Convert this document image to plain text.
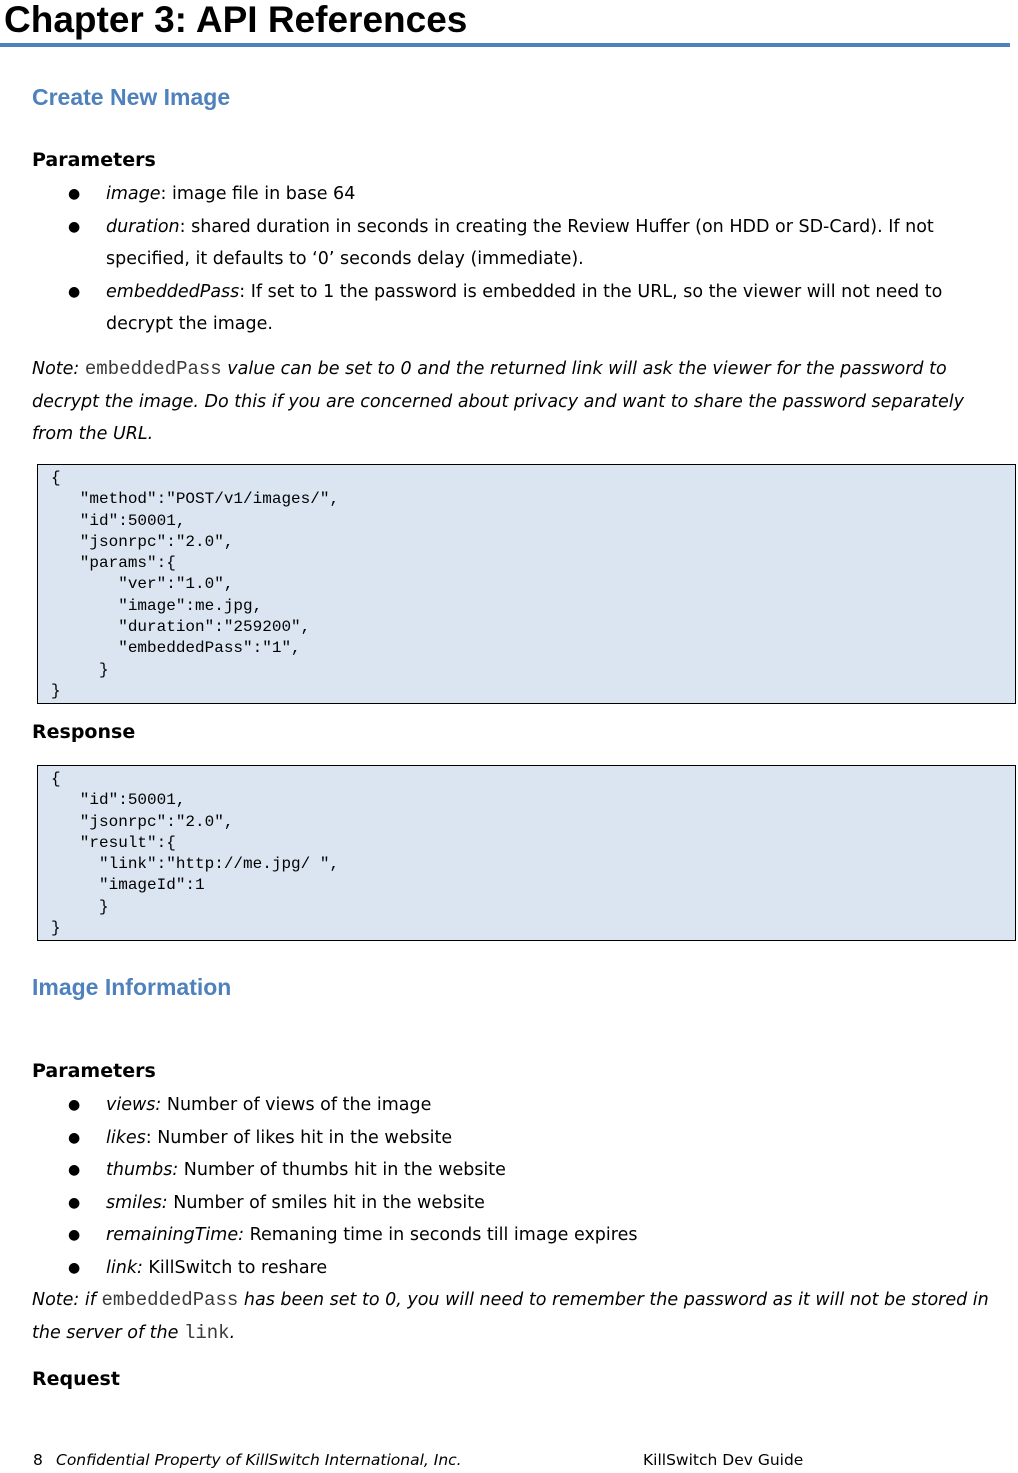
Chapter 3: API References
Create New Image
Parameters
● image: image file in base 64
● duration: shared duration in seconds in creating the Review Huffer (on HDD or SD-Card). If not specified, it defaults to ‘0’ seconds delay (immediate).
● embeddedPass: If set to 1 the password is embedded in the URL, so the viewer will not need to decrypt the image.

Note: embeddedPass value can be set to 0 and the returned link will ask the viewer for the password to decrypt the image. Do this if you are concerned about privacy and want to share the password separately from the URL.

{
"method":"POST/v1/images/",
"id":50001,
"jsonrpc":"2.0",
"params":{
"ver":"1.0",
"image":me.jpg,
"duration":"259200",
"embeddedPass":"1",
}
}
Response
{
"id":50001,
"jsonrpc":"2.0",
"result":{
"link":"http://me.jpg/ ",
"imageId":1
}
}
Image Information
Parameters
● views: Number of views of the image
● likes: Number of likes hit in the website
● thumbs: Number of thumbs hit in the website
● smiles: Number of smiles hit in the website
● remainingTime: Remaning time in seconds till image expires
● link: KillSwitch to reshare

Note: if embeddedPass has been set to 0, you will need to remember the password as it will not be stored in the server of the link.

Request
8 Confidential Property of KillSwitch International, Inc.	KillSwitch Dev Guide
